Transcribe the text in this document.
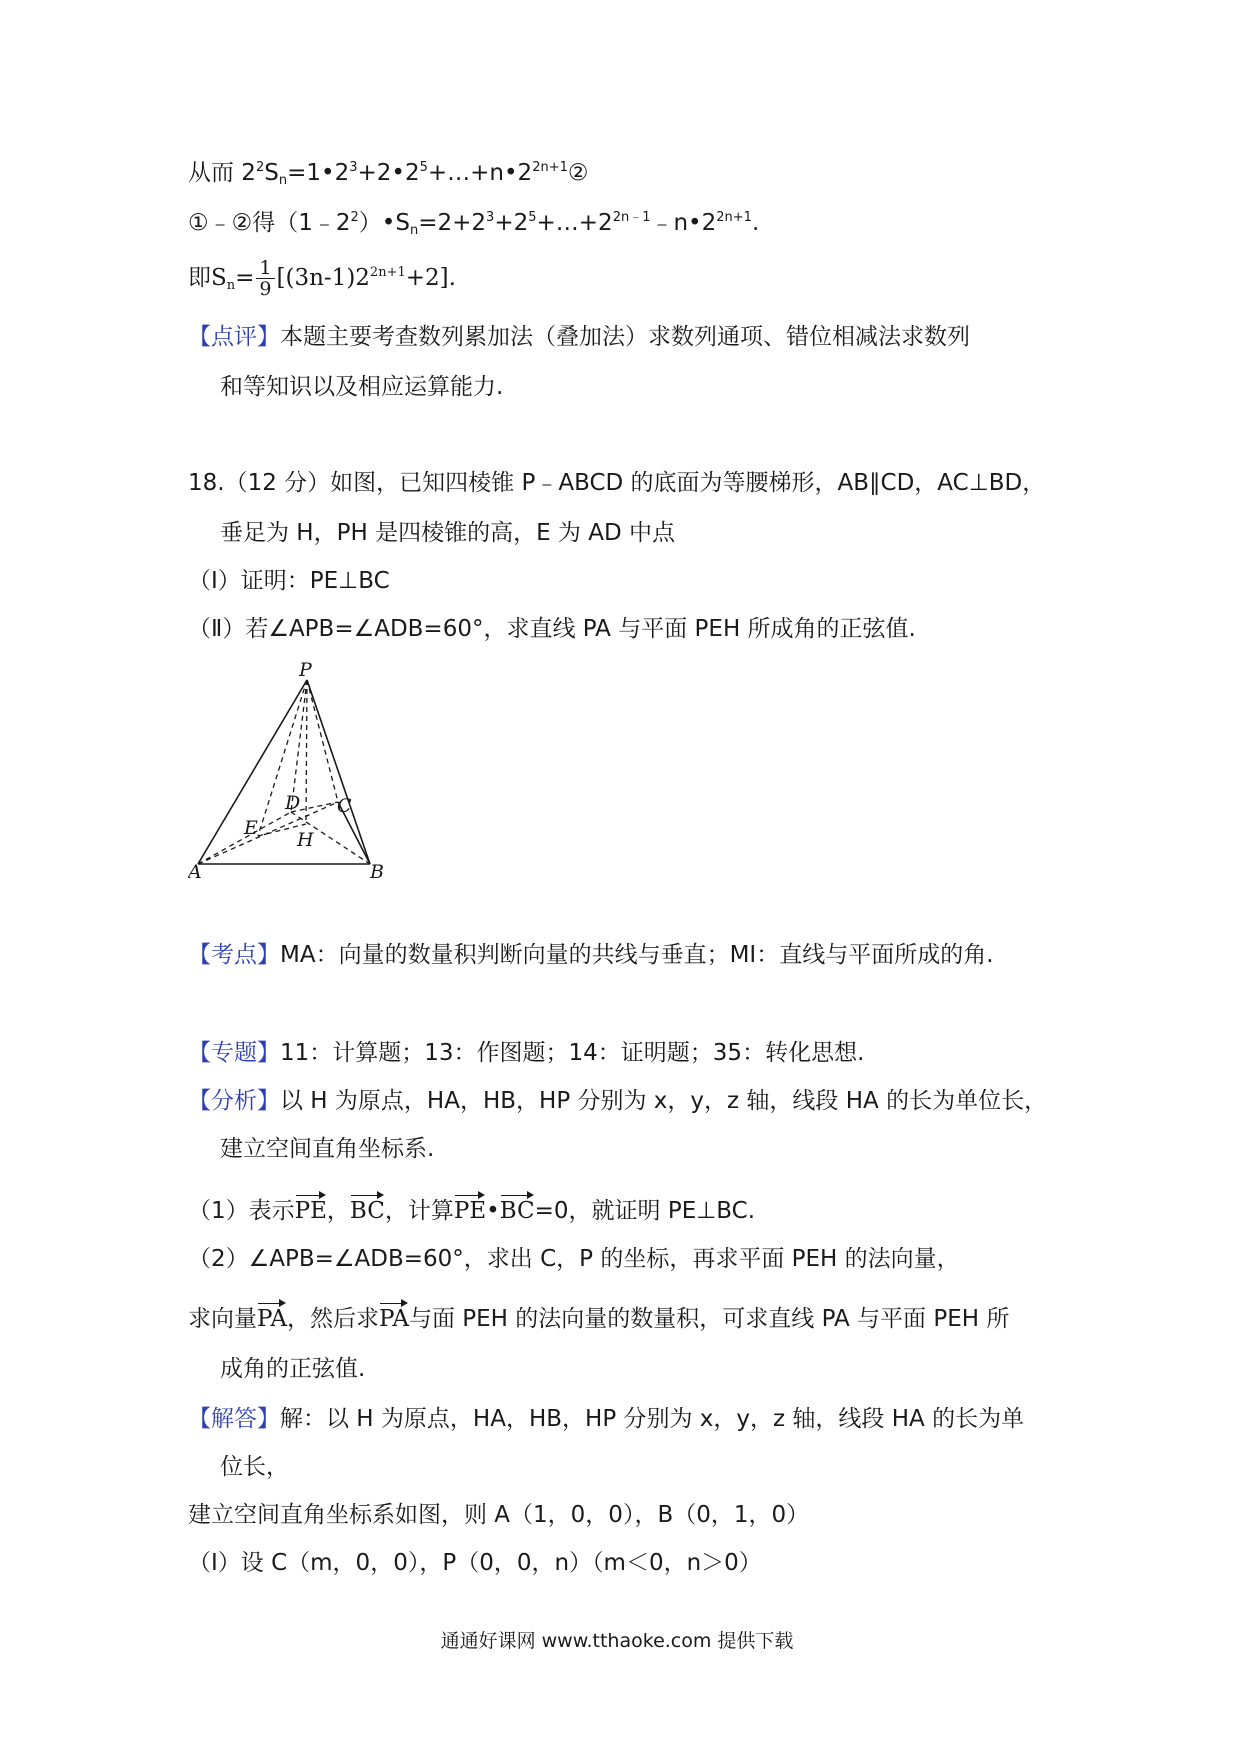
从而 $2^2S_n=1•2^3+2•2^5+\dots+n•2^{2n+1}②$
①﹣②得$(1﹣2^2)•S_n=2+2^3+2^5+\dots+2^{2n﹣1}﹣n•2^{2n+1}$.
即$S_n= \frac{1}{9} [(3n-1)2^{2n+1}+2]$.
【点评】本题主要考查数列累加法（叠加法）求数列通项、错位相减法求数列
和等知识以及相应运算能力.
18.（12 分）如图，已知四棱锥 P﹣ABCD 的底面为等腰梯形，AB∥CD，AC⊥BD，
垂足为 H，PH 是四棱锥的高，E 为 AD 中点
（Ⅰ）证明：PE⊥BC
（Ⅱ）若∠APB=∠ADB=60°，求直线 PA 与平面 PEH 所成角的正弦值.
P
D C
E
H
A	B
【考点】MA：向量的数量积判断向量的共线与垂直；MI：直线与平面所成的角.
【专题】11：计算题；13：作图题；14：证明题；35：转化思想.
【分析】以 H 为原点，HA，HB，HP 分别为 x，y，z 轴，线段 HA 的长为单位长，
建立空间直角坐标系.
（1）表示PE，BC，计算PE•BC=0，就证明 PE⊥BC.
（2）∠APB=∠ADB=60°，求出 C，P 的坐标，再求平面 PEH 的法向量，
求向量PA，然后求PA与面 PEH 的法向量的数量积，可求直线 PA 与平面 PEH 所
成角的正弦值.
【解答】解：以 H 为原点，HA，HB，HP 分别为 x，y，z 轴，线段 HA 的长为单
位长，
建立空间直角坐标系如图，则 A（1，0，0），B（0，1，0）
（Ⅰ）设 C（m，0，0），P（0，0，n）（m＜0，n＞0）
通通好课网 www.tthaoke.com 提供下载
